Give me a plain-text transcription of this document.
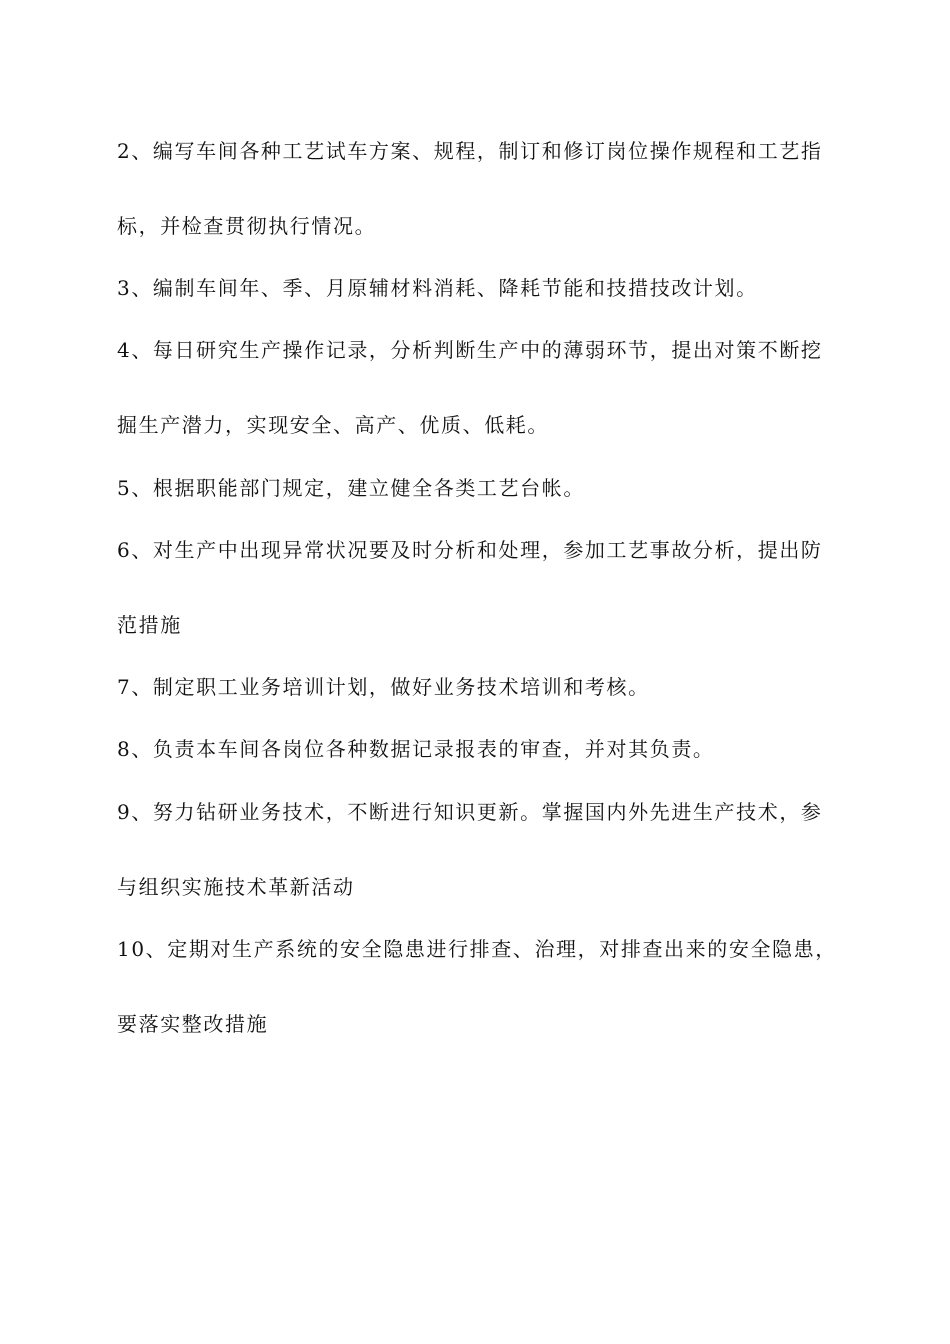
2、编写车间各种工艺试车方案、规程，制订和修订岗位操作规程和工艺指
标，并检查贯彻执行情况。
3、编制车间年、季、月原辅材料消耗、降耗节能和技措技改计划。
4、每日研究生产操作记录，分析判断生产中的薄弱环节，提出对策不断挖
掘生产潜力，实现安全、高产、优质、低耗。
5、根据职能部门规定，建立健全各类工艺台帐。
6、对生产中出现异常状况要及时分析和处理，参加工艺事故分析，提出防
范措施
7、制定职工业务培训计划，做好业务技术培训和考核。
8、负责本车间各岗位各种数据记录报表的审查，并对其负责。
9、努力钻研业务技术，不断进行知识更新。掌握国内外先进生产技术，参
与组织实施技术革新活动
10、定期对生产系统的安全隐患进行排查、治理，对排查出来的安全隐患，
要落实整改措施
